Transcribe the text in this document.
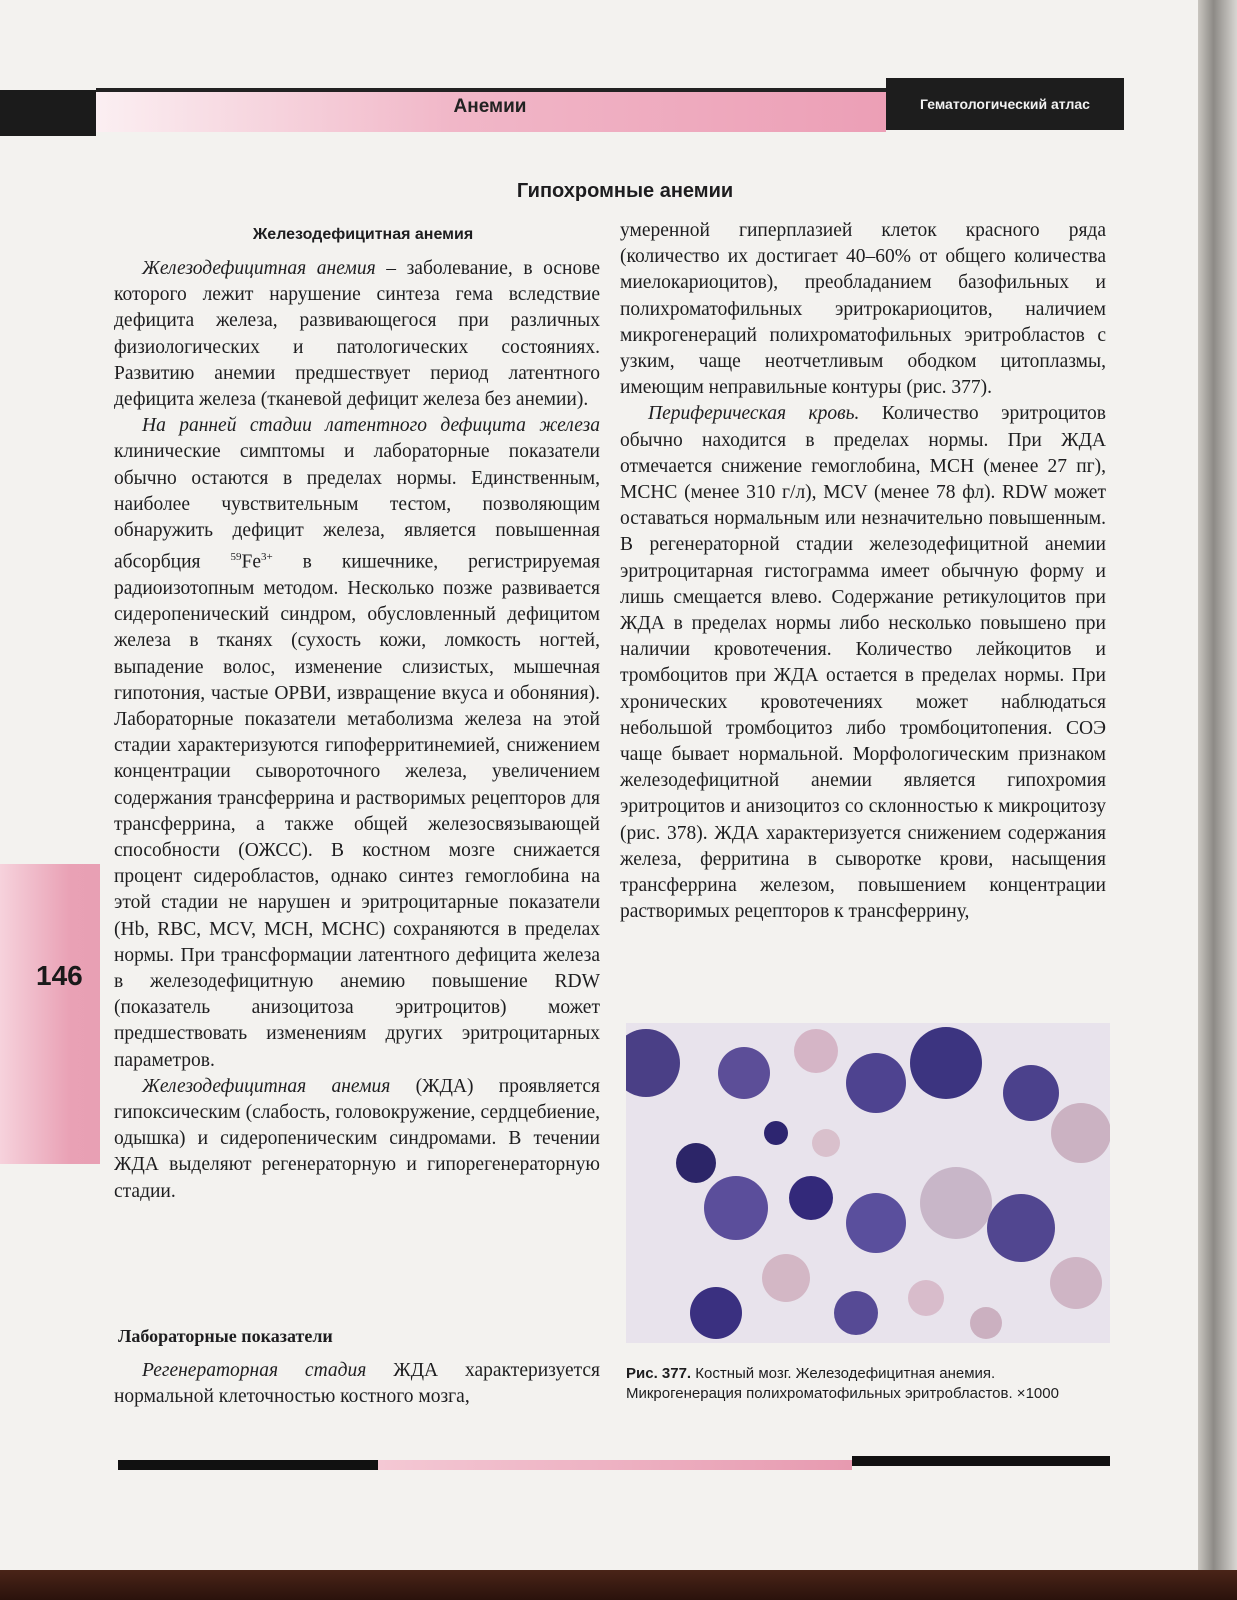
Анемии	Гематологический атлас
Гипохромные анемии
Железодефицитная анемия
146

Железодефицитная анемия – заболевание, в основе которого лежит нарушение синтеза гема вследствие дефицита железа, развивающегося при различных физиологических и патологических состояниях. Развитию анемии предшествует период латентного дефицита железа (тканевой дефицит железа без анемии).

На ранней стадии латентного дефицита железа клинические симптомы и лабораторные показатели обычно остаются в пределах нормы. Единственным, наиболее чувствительным тестом, позволяющим обнаружить дефицит железа, является повышенная абсорбция $^{59}Fe^{3+}$ в кишечнике, регистрируемая радиоизотопным методом. Несколько позже развивается сидеропенический синдром, обусловленный дефицитом железа в тканях (сухость кожи, ломкость ногтей, выпадение волос, изменение слизистых, мышечная гипотония, частые ОРВИ, извращение вкуса и обоняния). Лабораторные показатели метаболизма железа на этой стадии характеризуются гипоферритинемией, снижением концентрации сывороточного железа, увеличением содержания трансферрина и растворимых рецепторов для трансферрина, а также общей железосвязывающей способности (ОЖСС). В костном мозге снижается процент сидеробластов, однако синтез гемоглобина на этой стадии не нарушен и эритроцитарные показатели (Hb, RBC, MCV, MCH, MCHC) сохраняются в пределах нормы. При трансформации латентного дефицита железа в железодефицитную анемию повышение RDW (показатель анизоцитоза эритроцитов) может предшествовать изменениям других эритроцитарных параметров.

Железодефицитная анемия (ЖДА) проявляется гипоксическим (слабость, головокружение, сердцебиение, одышка) и сидеропеническим синдромами. В течении ЖДА выделяют регенераторную и гипорегенераторную стадии.

Лабораторные показатели

Регенераторная стадия ЖДА характеризуется нормальной клеточностью костного мозга,

умеренной гиперплазией клеток красного ряда (количество их достигает 40–60% от общего количества миелокариоцитов), преобладанием базофильных и полихроматофильных эритрокариоцитов, наличием микрогенераций полихроматофильных эритробластов с узким, чаще неотчетливым ободком цитоплазмы, имеющим неправильные контуры (рис. 377).

Периферическая кровь. Количество эритроцитов обычно находится в пределах нормы. При ЖДА отмечается снижение гемоглобина, MCH (менее 27 пг), MCHC (менее 310 г/л), MCV (менее 78 фл). RDW может оставаться нормальным или незначительно повышенным. В регенераторной стадии железодефицитной анемии эритроцитарная гистограмма имеет обычную форму и лишь смещается влево. Содержание ретикулоцитов при ЖДА в пределах нормы либо несколько повышено при наличии кровотечения. Количество лейкоцитов и тромбоцитов при ЖДА остается в пределах нормы. При хронических кровотечениях может наблюдаться небольшой тромбоцитоз либо тромбоцитопения. СОЭ чаще бывает нормальной. Морфологическим признаком железодефицитной анемии является гипохромия эритроцитов и анизоцитоз со склонностью к микроцитозу (рис. 378). ЖДА характеризуется снижением содержания железа, ферритина в сыворотке крови, насыщения трансферрина железом, повышением концентрации растворимых рецепторов к трансферрину,

Рис. 377. Костный мозг. Железодефицитная анемия. Микрогенерация полихроматофильных эритробластов. ×1000
